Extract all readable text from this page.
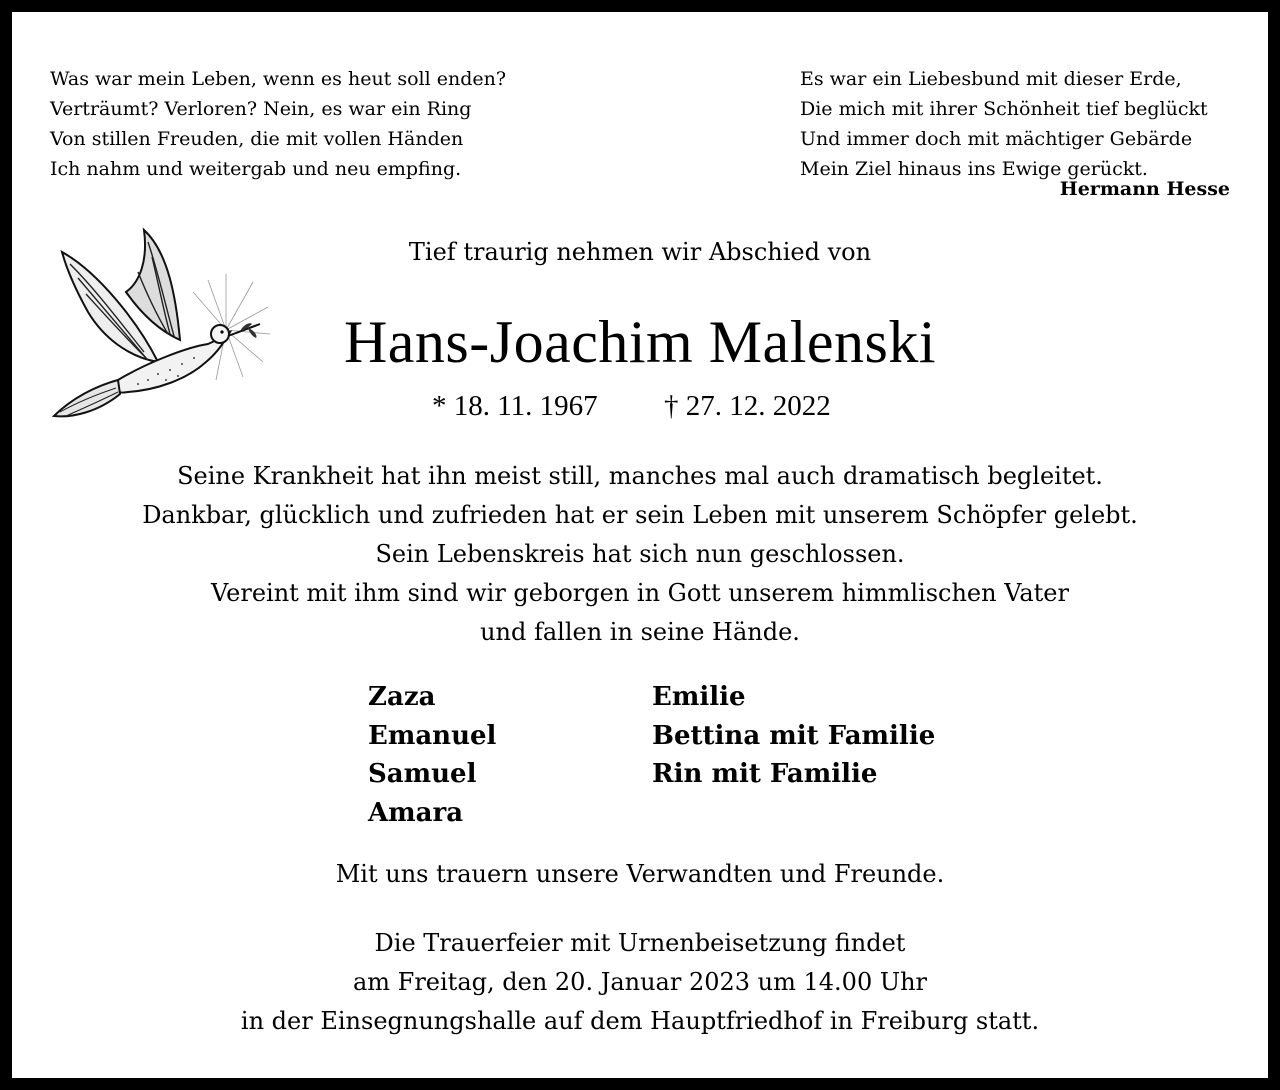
Was war mein Leben, wenn es heut soll enden?
Verträumt? Verloren? Nein, es war ein Ring
Von stillen Freuden, die mit vollen Händen
Ich nahm und weitergab und neu empfing.
Es war ein Liebesbund mit dieser Erde,
Die mich mit ihrer Schönheit tief beglückt
Und immer doch mit mächtiger Gebärde
Mein Ziel hinaus ins Ewige gerückt.
Hermann Hesse
Tief traurig nehmen wir Abschied von
Hans-Joachim Malenski
* 18. 11. 1967 † 27. 12. 2022
Seine Krankheit hat ihn meist still, manches mal auch dramatisch begleitet.
Dankbar, glücklich und zufrieden hat er sein Leben mit unserem Schöpfer gelebt.
Sein Lebenskreis hat sich nun geschlossen.
Vereint mit ihm sind wir geborgen in Gott unserem himmlischen Vater
und fallen in seine Hände.
Zaza
Emanuel
Samuel
Amara
Emilie
Bettina mit Familie
Rin mit Familie
Mit uns trauern unsere Verwandten und Freunde.
Die Trauerfeier mit Urnenbeisetzung findet
am Freitag, den 20. Januar 2023 um 14.00 Uhr
in der Einsegnungshalle auf dem Hauptfriedhof in Freiburg statt.
